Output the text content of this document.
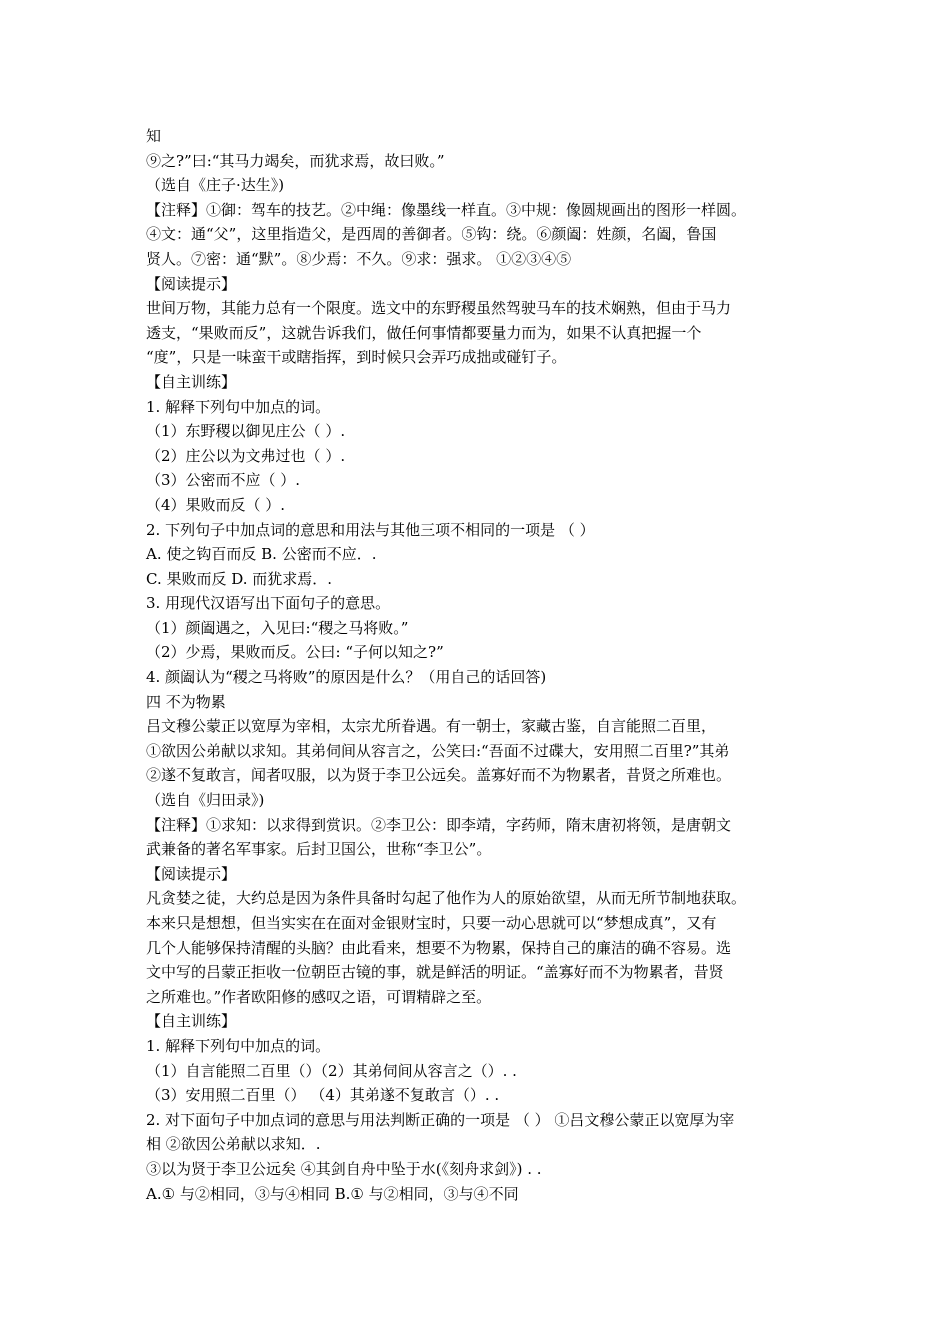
知
⑨之?”曰:“其马力竭矣，而犹求焉，故曰败。”
（选自《庄子·达生》)
【注释】①御：驾车的技艺。②中绳：像墨线一样直。③中规：像圆规画出的图形一样圆。
④文：通“父”，这里指造父，是西周的善御者。⑤钩：绕。⑥颜阖：姓颜，名阖，鲁国
贤人。⑦密：通“默”。⑧少焉：不久。⑨求：强求。 ①②③④⑤
【阅读提示】
世间万物，其能力总有一个限度。选文中的东野稷虽然驾驶马车的技术娴熟，但由于马力
透支，“果败而反”，这就告诉我们，做任何事情都要量力而为，如果不认真把握一个
“度”，只是一味蛮干或瞎指挥，到时候只会弄巧成拙或碰钉子。
【自主训练】
1. 解释下列句中加点的词。
（1）东野稷以御见庄公（ ）.
（2）庄公以为文弗过也（ ）.
（3）公密而不应（ ）.
（4）果败而反（ ）.
2. 下列句子中加点词的意思和用法与其他三项不相同的一项是 （ ）
A. 使之钩百而反 B. 公密而不应．.
C. 果败而反 D. 而犹求焉．.
3. 用现代汉语写出下面句子的意思。
（1）颜阖遇之，入见曰:“稷之马将败。”
（2）少焉，果败而反。公曰: “子何以知之?”
4. 颜阖认为“稷之马将败”的原因是什么？（用自己的话回答)
四 不为物累
吕文穆公蒙正以宽厚为宰相，太宗尤所眷遇。有一朝士，家藏古鉴，自言能照二百里，
①欲因公弟献以求知。其弟伺间从容言之，公笑曰:“吾面不过碟大，安用照二百里?”其弟
②遂不复敢言，闻者叹服，以为贤于李卫公远矣。盖寡好而不为物累者，昔贤之所难也。
（选自《归田录》)
【注释】①求知：以求得到赏识。②李卫公：即李靖，字药师，隋末唐初将领，是唐朝文
武兼备的著名军事家。后封卫国公，世称“李卫公”。
【阅读提示】
凡贪婪之徒，大约总是因为条件具备时勾起了他作为人的原始欲望，从而无所节制地获取。
本来只是想想，但当实实在在面对金银财宝时，只要一动心思就可以“梦想成真”，又有
几个人能够保持清醒的头脑？由此看来，想要不为物累，保持自己的廉洁的确不容易。选
文中写的吕蒙正拒收一位朝臣古镜的事，就是鲜活的明证。“盖寡好而不为物累者，昔贤
之所难也。”作者欧阳修的感叹之语，可谓精辟之至。
【自主训练】
1. 解释下列句中加点的词。
（1）自言能照二百里（）（2）其弟伺间从容言之（）. .
（3）安用照二百里（） （4）其弟遂不复敢言（）. .
2. 对下面句子中加点词的意思与用法判断正确的一项是 （ ） ①吕文穆公蒙正以宽厚为宰
相 ②欲因公弟献以求知．.
③以为贤于李卫公远矣 ④其剑自舟中坠于水(《刻舟求剑》) . .
A.① 与②相同，③与④相同 B.① 与②相同，③与④不同
